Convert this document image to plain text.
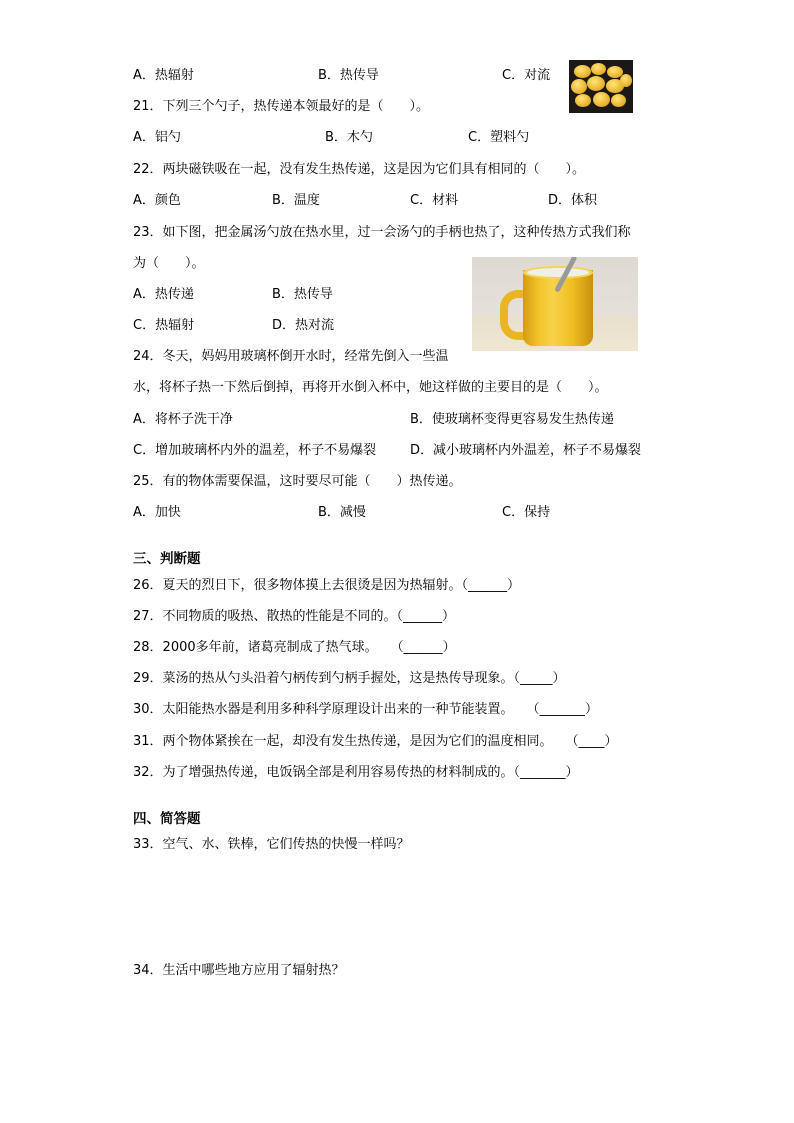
A．热辐射	B．热传导	C．对流
21．下列三个勺子，热传递本领最好的是（　　）。
A．铝勺	B．木勺	C．塑料勺
22．两块磁铁吸在一起，没有发生热传递，这是因为它们具有相同的（　　）。
A．颜色	B．温度	C．材料	D．体积
23．如下图，把金属汤勺放在热水里，过一会汤勺的手柄也热了，这种传热方式我们称
为（　　）。
A．热传递	B．热传导
C．热辐射	D．热对流
24．冬天，妈妈用玻璃杯倒开水时，经常先倒入一些温
水，将杯子热一下然后倒掉，再将开水倒入杯中，她这样做的主要目的是（　　）。
A．将杯子洗干净	B．使玻璃杯变得更容易发生热传递
C．增加玻璃杯内外的温差，杯子不易爆裂	D．减小玻璃杯内外温差，杯子不易爆裂
25．有的物体需要保温，这时要尽可能（　　）热传递。
A．加快	B．减慢	C．保持
三、判断题
26．夏天的烈日下，很多物体摸上去很烫是因为热辐射。（______）
27．不同物质的吸热、散热的性能是不同的。（______）
28．2000多年前，诸葛亮制成了热气球。　　（______）
29．菜汤的热从勺头沿着勺柄传到勺柄手握处，这是热传导现象。（_____）
30．太阳能热水器是利用多种科学原理设计出来的一种节能装置。　　（_______）
31．两个物体紧挨在一起，却没有发生热传递，是因为它们的温度相同。　　（____）
32．为了增强热传递，电饭锅全部是利用容易传热的材料制成的。（_______）
四、简答题
33．空气、水、铁棒，它们传热的快慢一样吗？
34．生活中哪些地方应用了辐射热？
